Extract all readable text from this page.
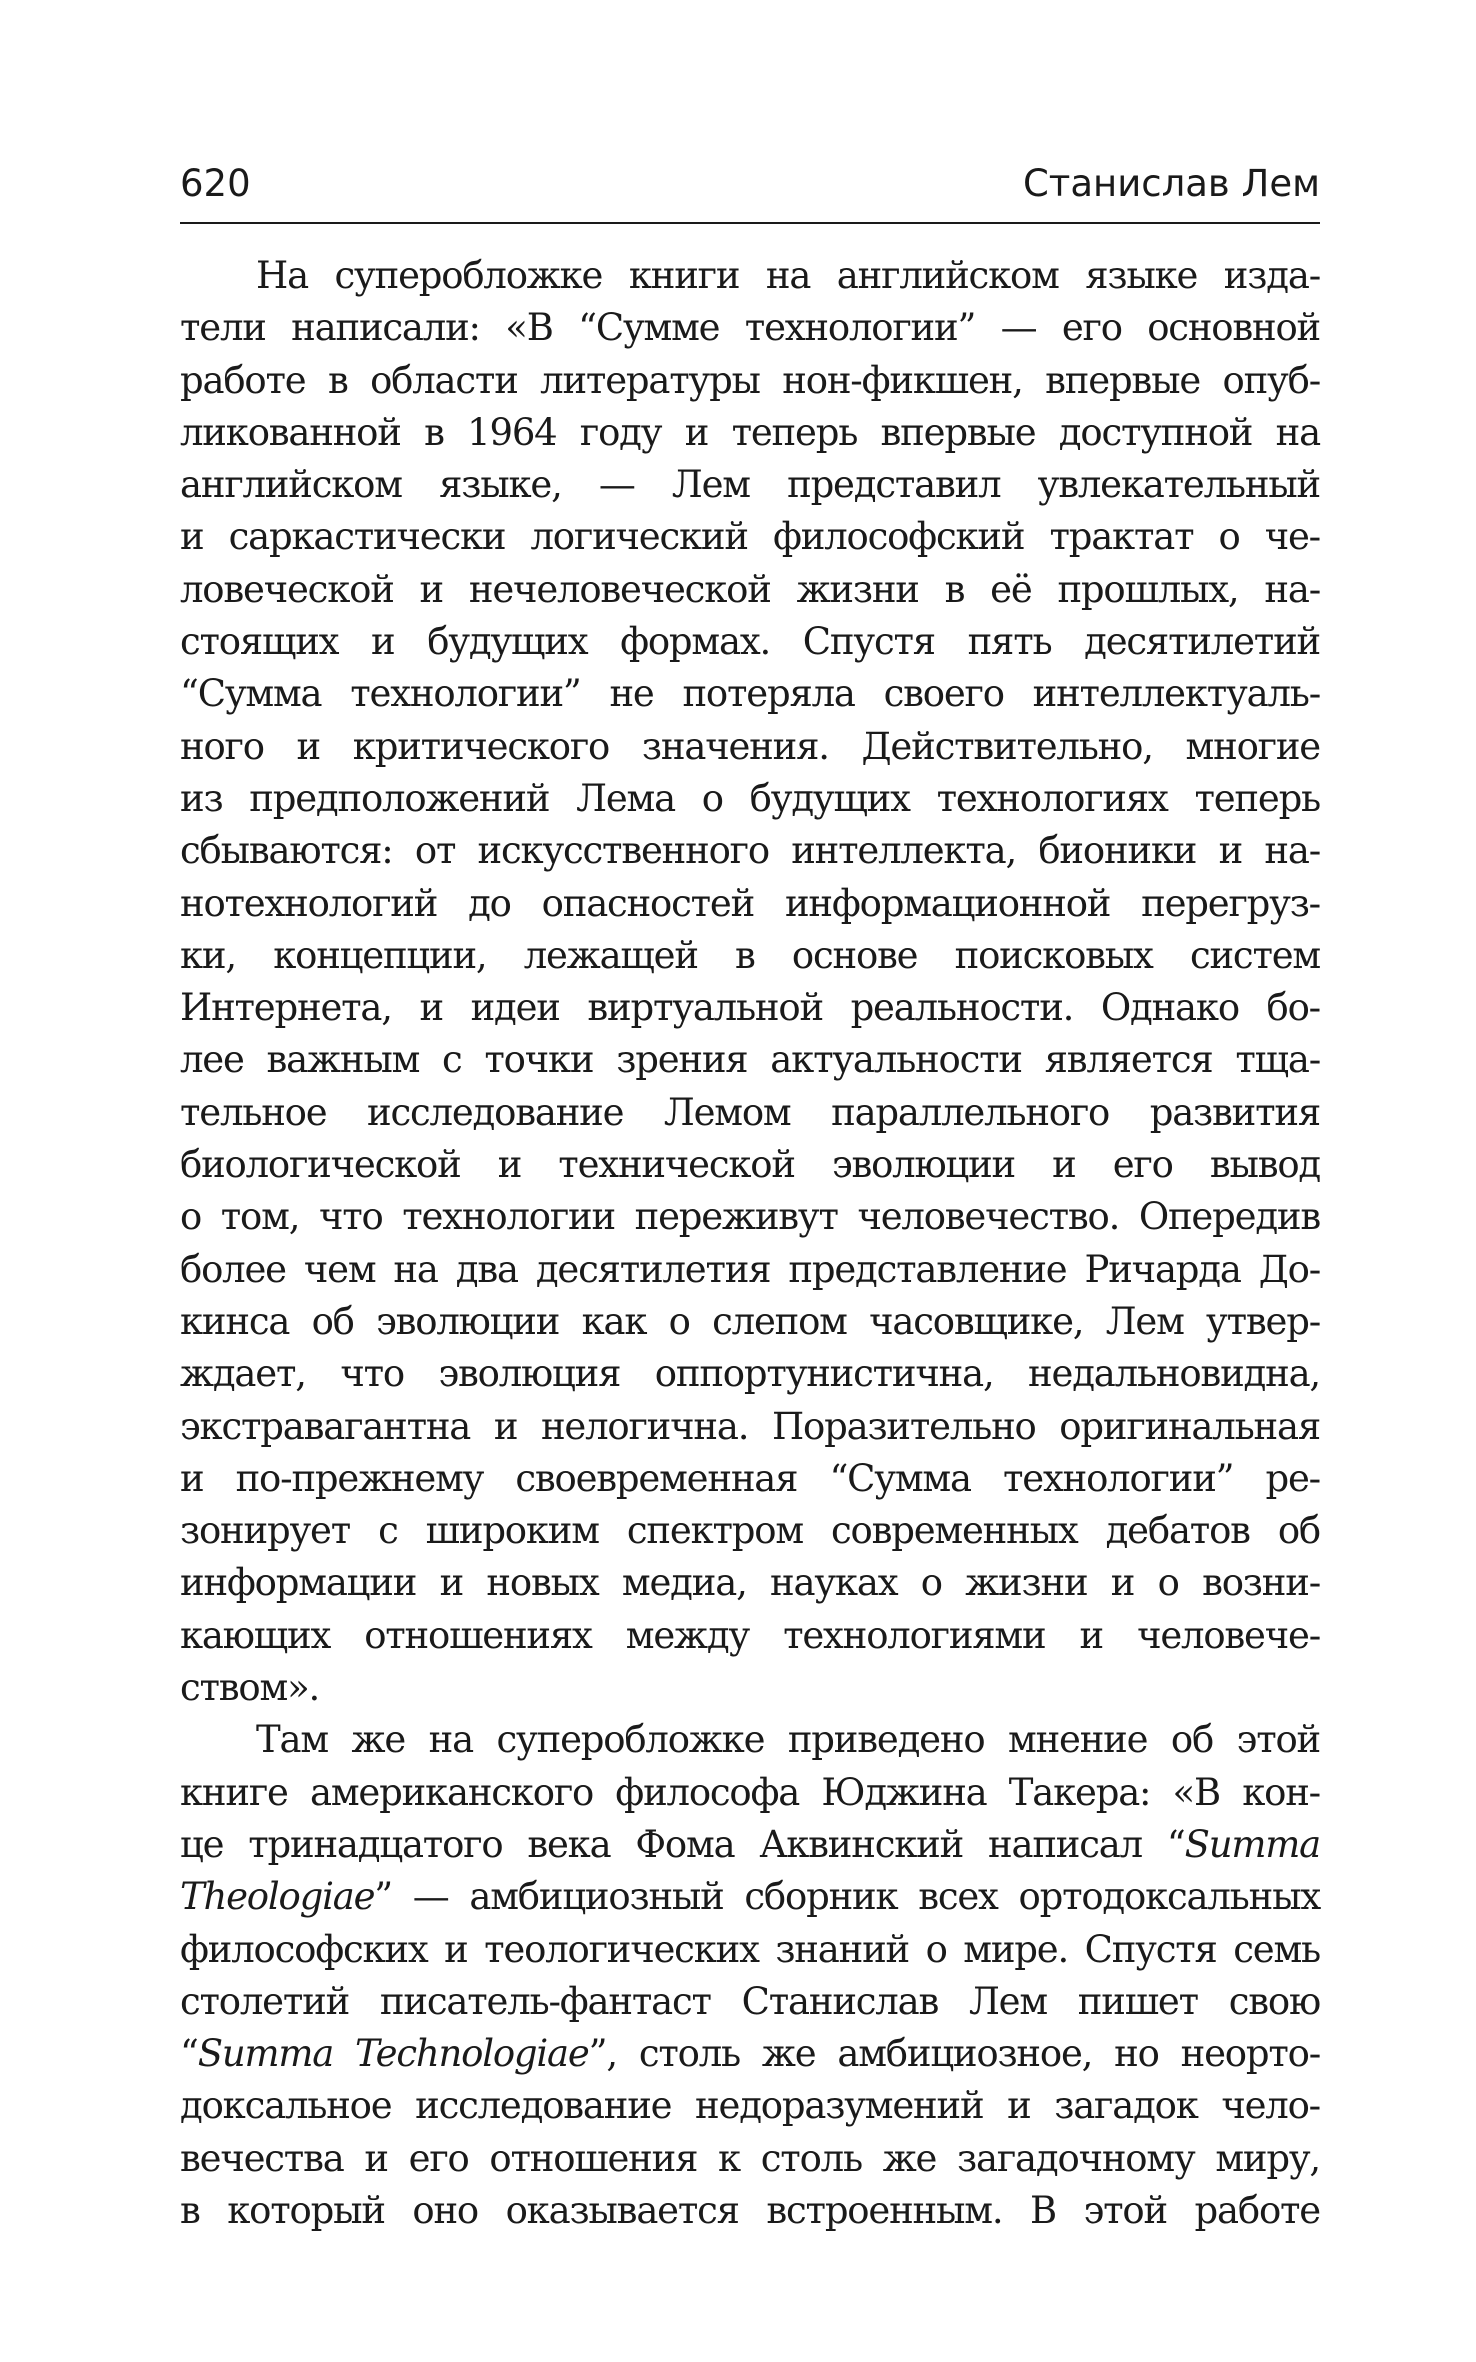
620	Станислав Лем
На суперобложке книги на английском языке изда-
тели написали: «В “Сумме технологии” — его основной
работе в области литературы нон-фикшен, впервые опуб-
ликованной в 1964 году и теперь впервые доступной на
английском языке, — Лем представил увлекательный
и саркастически логический философский трактат о че-
ловеческой и нечеловеческой жизни в её прошлых, на-
стоящих и будущих формах. Спустя пять десятилетий
“Сумма технологии” не потеряла своего интеллектуаль-
ного и критического значения. Действительно, многие
из предположений Лема о будущих технологиях теперь
сбываются: от искусственного интеллекта, бионики и на-
нотехнологий до опасностей информационной перегруз-
ки, концепции, лежащей в основе поисковых систем
Интернета, и идеи виртуальной реальности. Однако бо-
лее важным с точки зрения актуальности является тща-
тельное исследование Лемом параллельного развития
биологической и технической эволюции и его вывод
о том, что технологии переживут человечество. Опередив
более чем на два десятилетия представление Ричарда До-
кинса об эволюции как о слепом часовщике, Лем утвер-
ждает, что эволюция оппортунистична, недальновидна,
экстравагантна и нелогична. Поразительно оригинальная
и по-прежнему своевременная “Сумма технологии” ре-
зонирует с широким спектром современных дебатов об
информации и новых медиа, науках о жизни и о возни-
кающих отношениях между технологиями и человече-
ством».
Там же на суперобложке приведено мнение об этой
книге американского философа Юджина Такера: «В кон-
це тринадцатого века Фома Аквинский написал “Summa
Theologiae” — амбициозный сборник всех ортодоксальных
философских и теологических знаний о мире. Спустя семь
столетий писатель-фантаст Станислав Лем пишет свою
“Summa Technologiae”, столь же амбициозное, но неорто-
доксальное исследование недоразумений и загадок чело-
вечества и его отношения к столь же загадочному миру,
в который оно оказывается встроенным. В этой работе
